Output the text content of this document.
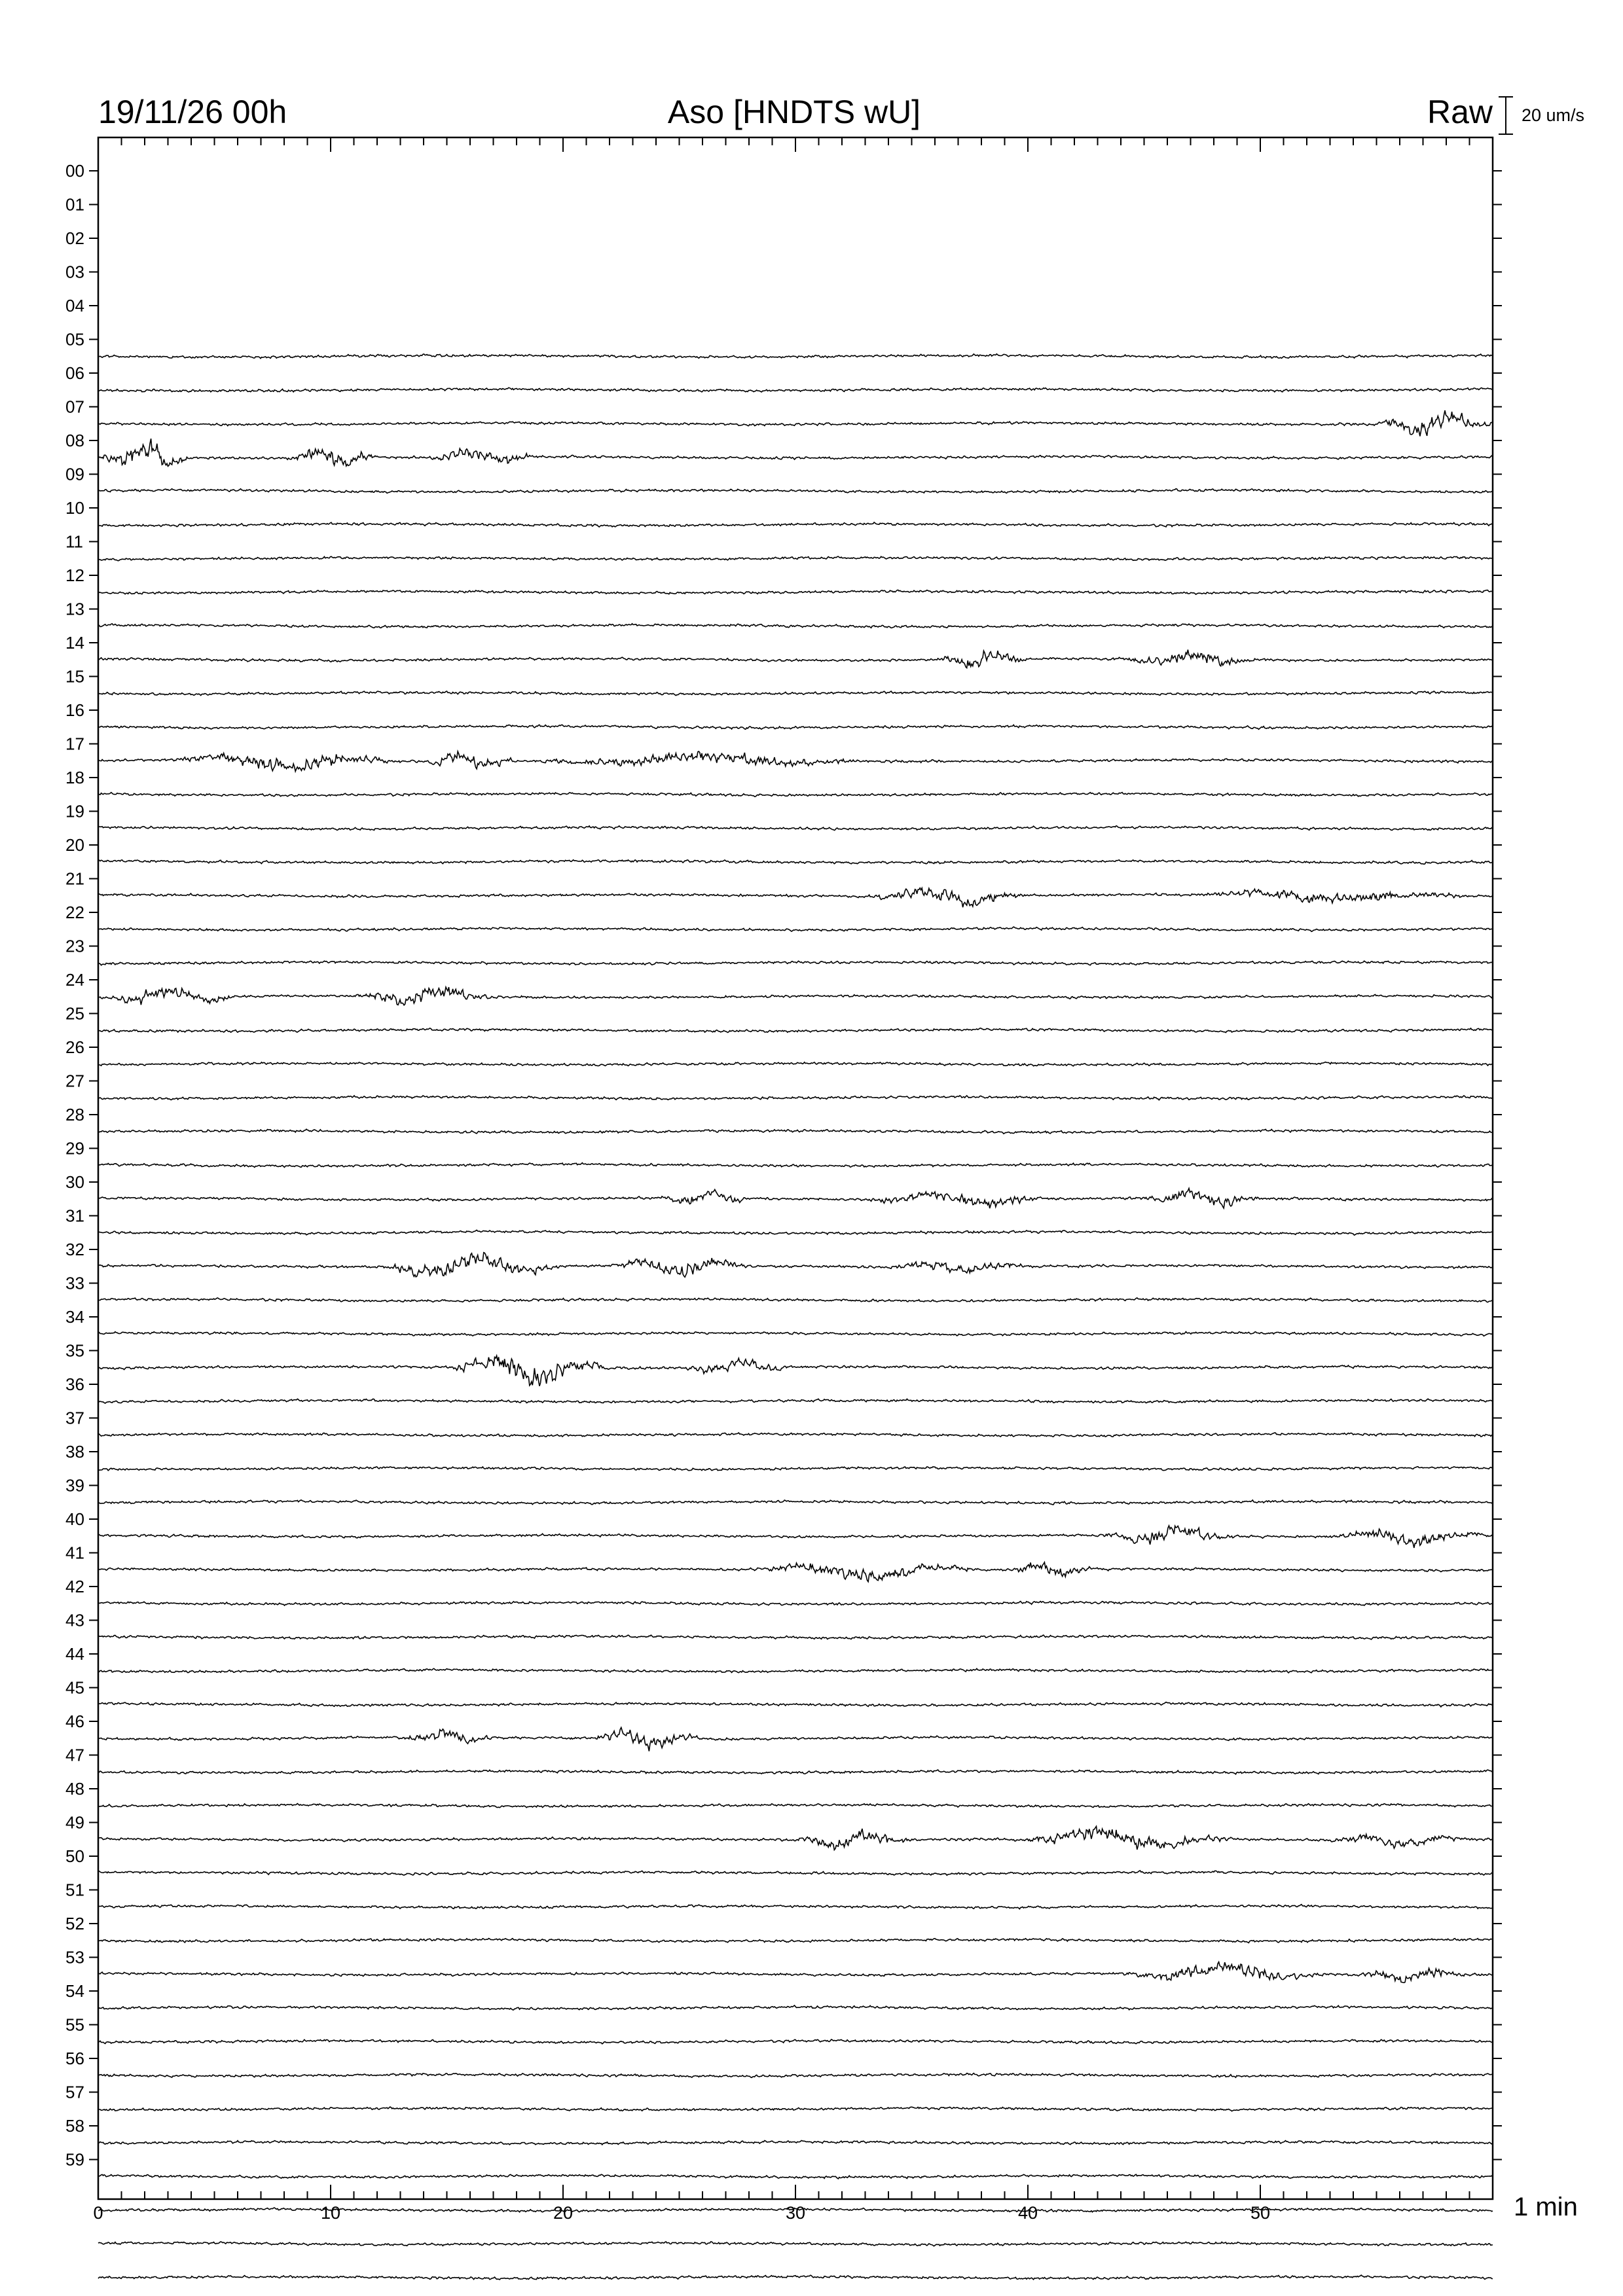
19/11/26 00h	Aso [HNDTS wU]	Raw 20 um/s
00
01
02
03
04
05
06
07
08
09
10
11
12
13
14
15
16
17
18
19
20
21
22
23
24
25
26
27
28
29
30
31
32
33
34
35
36
37
38
39
40
41
42
43
44
45
46
47
48
49
50
51
52
53
54
55
56
57
58
59
0	10	20	30	40	50	1 min
